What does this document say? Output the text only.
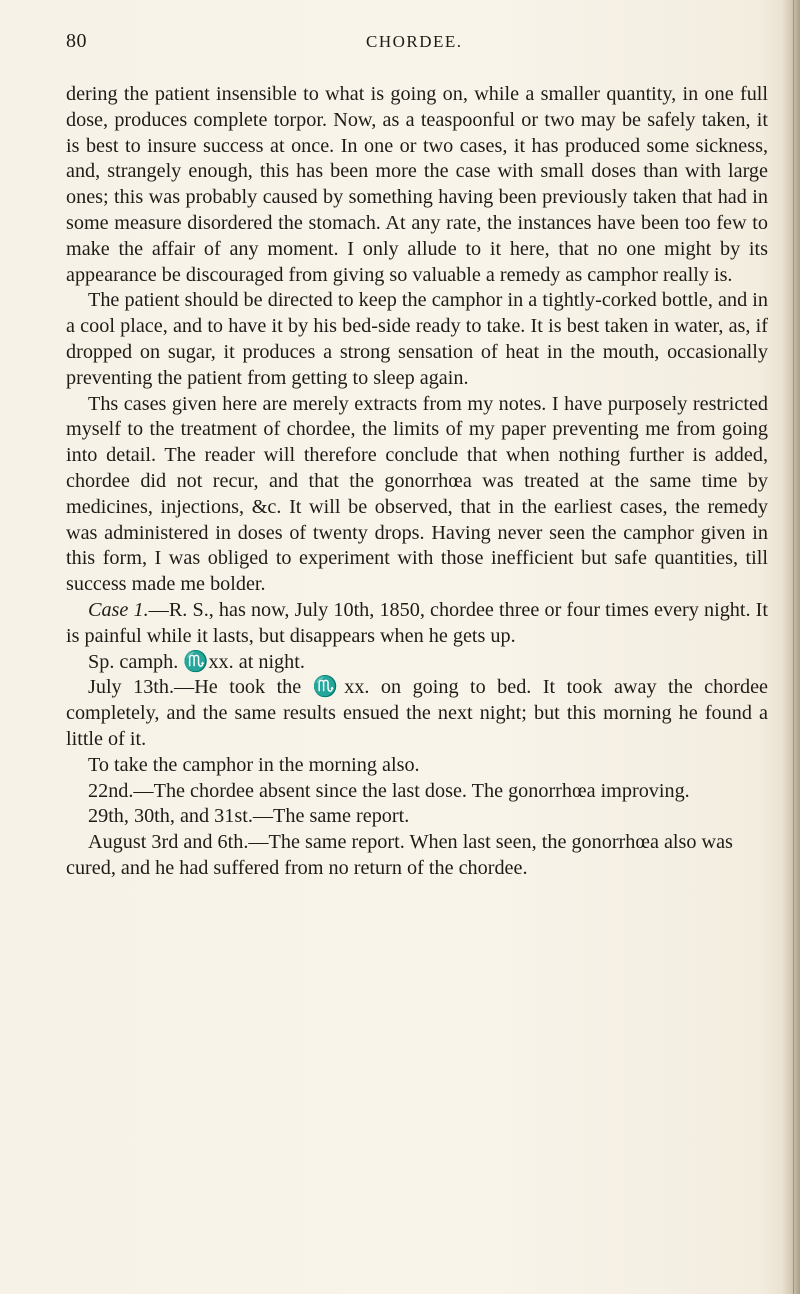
80	CHORDEE.

dering the patient insensible to what is going on, while a smaller quantity, in one full dose, produces complete torpor. Now, as a teaspoonful or two may be safely taken, it is best to insure success at once. In one or two cases, it has produced some sickness, and, strangely enough, this has been more the case with small doses than with large ones; this was probably caused by something having been previously taken that had in some measure disordered the stomach. At any rate, the instances have been too few to make the affair of any moment. I only allude to it here, that no one might by its appearance be discouraged from giving so valuable a remedy as camphor really is.

The patient should be directed to keep the camphor in a tightly-corked bottle, and in a cool place, and to have it by his bed-side ready to take. It is best taken in water, as, if dropped on sugar, it produces a strong sensation of heat in the mouth, occasionally preventing the patient from getting to sleep again.

Ths cases given here are merely extracts from my notes. I have purposely restricted myself to the treatment of chordee, the limits of my paper preventing me from going into detail. The reader will therefore conclude that when nothing further is added, chordee did not recur, and that the gonorrhœa was treated at the same time by medicines, injections, &c. It will be observed, that in the earliest cases, the remedy was administered in doses of twenty drops. Having never seen the camphor given in this form, I was obliged to experiment with those inefficient but safe quantities, till success made me bolder.

Case 1.—R. S., has now, July 10th, 1850, chordee three or four times every night. It is painful while it lasts, but disappears when he gets up.

Sp. camph. ♏xx. at night.

July 13th.—He took the ♏xx. on going to bed. It took away the chordee completely, and the same results ensued the next night; but this morning he found a little of it.

To take the camphor in the morning also.

22nd.—The chordee absent since the last dose. The gonorrhœa improving.

29th, 30th, and 31st.—The same report.

August 3rd and 6th.—The same report. When last seen, the gonorrhœa also was cured, and he had suffered from no return of the chordee.
